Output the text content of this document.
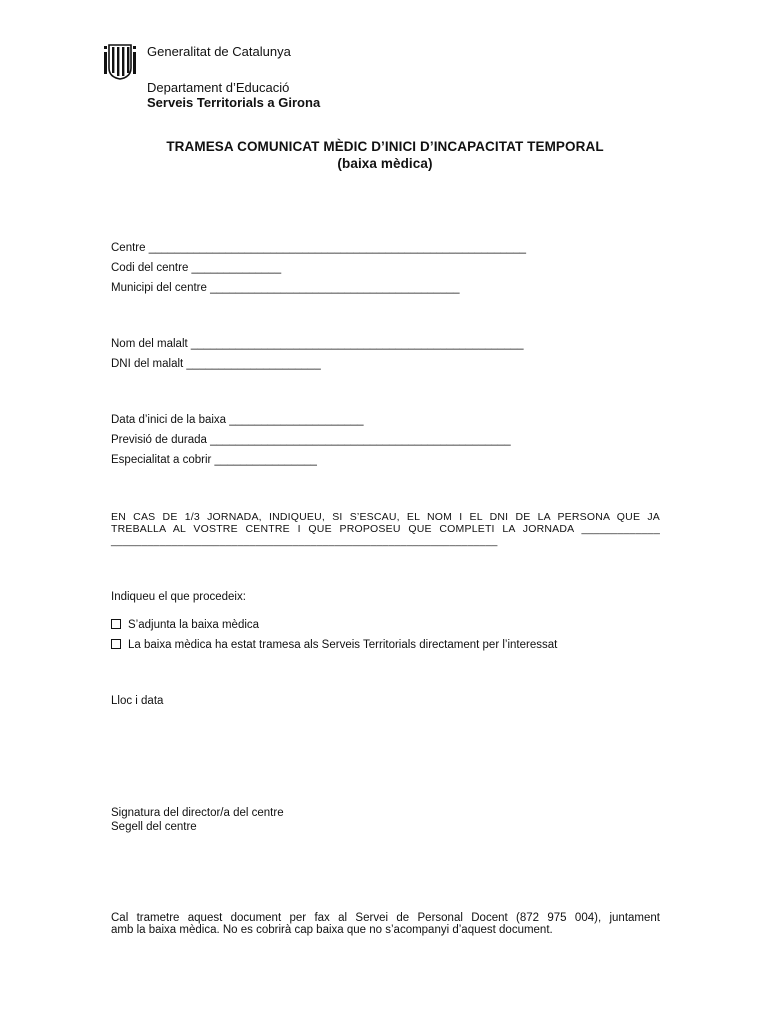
Generalitat de Catalunya
Departament d’Educació
Serveis Territorials a Girona
TRAMESA COMUNICAT MÈDIC D’INICI D’INCAPACITAT TEMPORAL
(baixa mèdica)
Centre ___________________________________________________________
Codi del centre ______________
Municipi del centre _______________________________________
Nom del malalt ____________________________________________________
DNI del malalt _____________________
Data d’inici de la baixa _____________________
Previsió de durada _______________________________________________
Especialitat a cobrir ________________
EN CAS DE 1/3 JORNADA, INDIQUEU, SI S’ESCAU, EL NOM I EL DNI DE LA PERSONA QUE JA
TREBALLA AL VOSTRE CENTRE I QUE PROPOSEU QUE COMPLETI LA JORNADA _____________
________________________________________________________________
Indiqueu el que procedeix:
S’adjunta la baixa mèdica
La baixa mèdica ha estat tramesa als Serveis Territorials directament per l’interessat
Lloc i data
Signatura del director/a del centre
Segell del centre
Cal trametre aquest document per fax al Servei de Personal Docent (872 975 004), juntament
amb la baixa mèdica. No es cobrirà cap baixa que no s’acompanyi d’aquest document.
